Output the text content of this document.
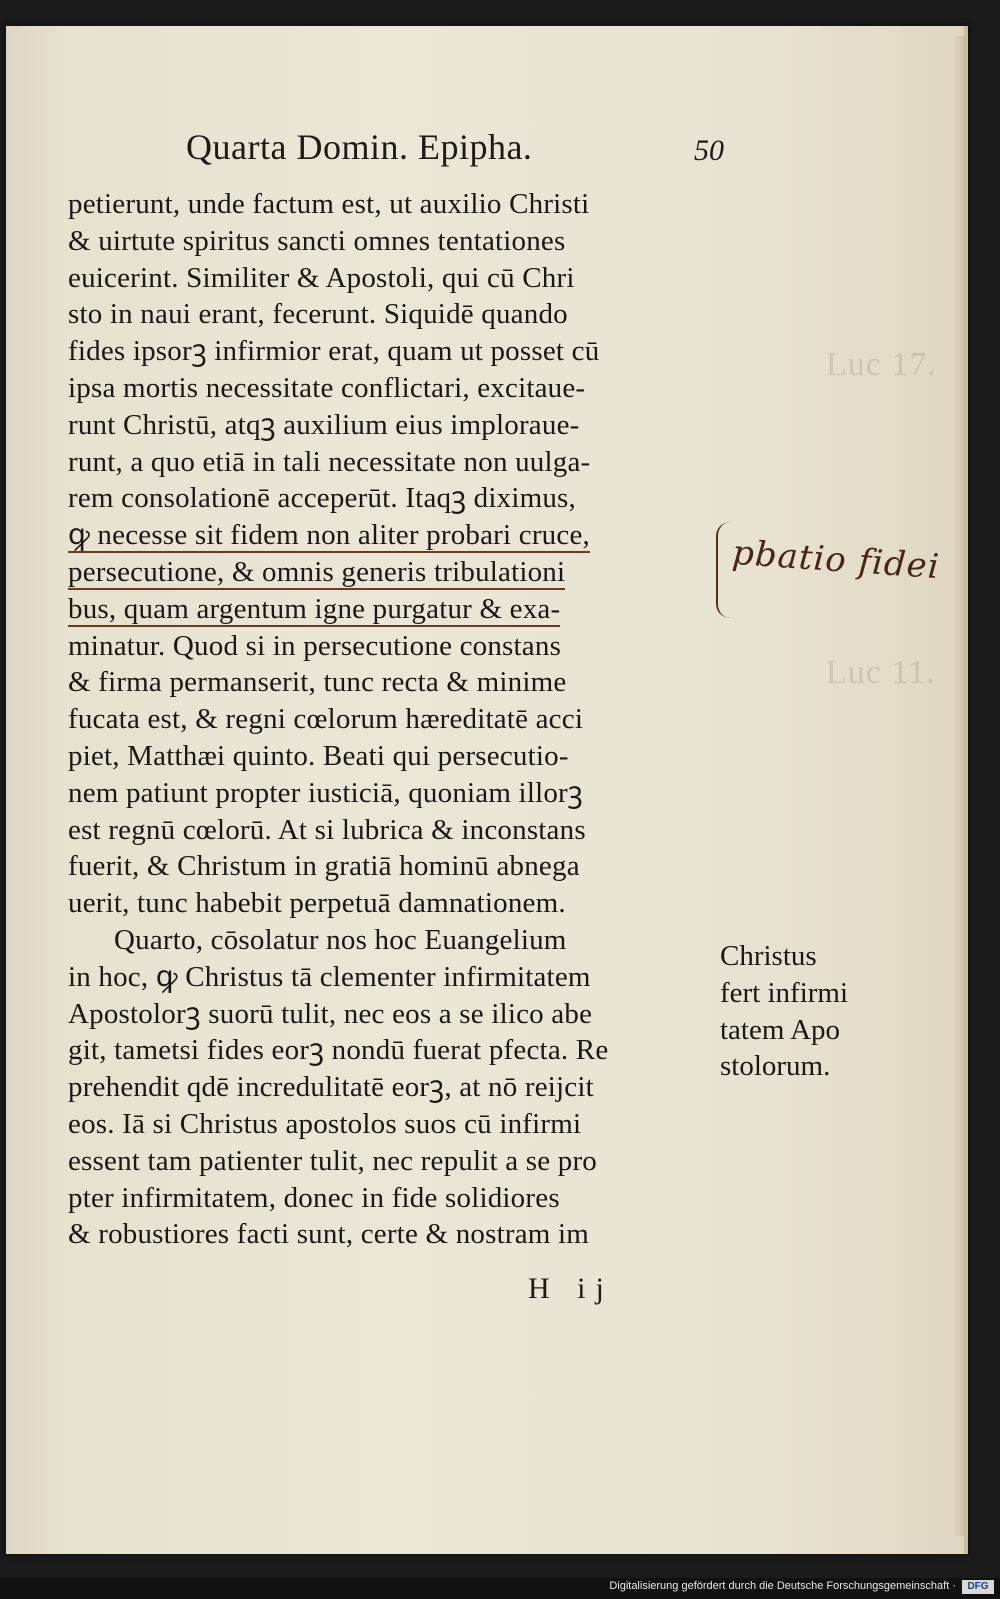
Luc 17.
Luc 11.
Quarta Domin. Epipha.	50
petierunt, unde factum est, ut auxilio Christi
& uirtute spiritus sancti omnes tentationes
euicerint. Similiter & Apostoli, qui cū Chri
sto in naui erant, fecerunt. Siquidē quando
fides ipsorꝫ infirmior erat, quam ut posset cū
ipsa mortis necessitate conflictari, excitaue-
runt Christū, atqꝫ auxilium eius imploraue-
runt, a quo etiā in tali necessitate non uulga-
rem consolationē acceperūt. Itaqꝫ diximus,
ꝙ necesse sit fidem non aliter probari cruce,
persecutione, & omnis generis tribulationi
bus, quam argentum igne purgatur & exa-
minatur. Quod si in persecutione constans
& firma permanserit, tunc recta & minime
fucata est, & regni cœlorum hæreditatē acci
piet, Matthæi quinto. Beati qui persecutio-
nem patiunt propter iusticiā, quoniam illorꝫ
est regnū cœlorū. At si lubrica & inconstans
fuerit, & Christum in gratiā hominū abnega
uerit, tunc habebit perpetuā damnationem.
Quarto, cōsolatur nos hoc Euangelium
in hoc, ꝙ Christus tā clementer infirmitatem
Apostolorꝫ suorū tulit, nec eos a se ilico abe
git, tametsi fides eorꝫ nondū fuerat pfecta. Re
prehendit qdē incredulitatē eorꝫ, at nō reijcit
eos. Iā si Christus apostolos suos cū infirmi
essent tam patienter tulit, nec repulit a se pro
pter infirmitatem, donec in fide solidiores
& robustiores facti sunt, certe & nostram im
Christus
fert infirmi
tatem Apo
stolorum.
pbatio fidei
H ij
Digitalisierung gefördert durch die Deutsche Forschungsgemeinschaft ·	DFG
